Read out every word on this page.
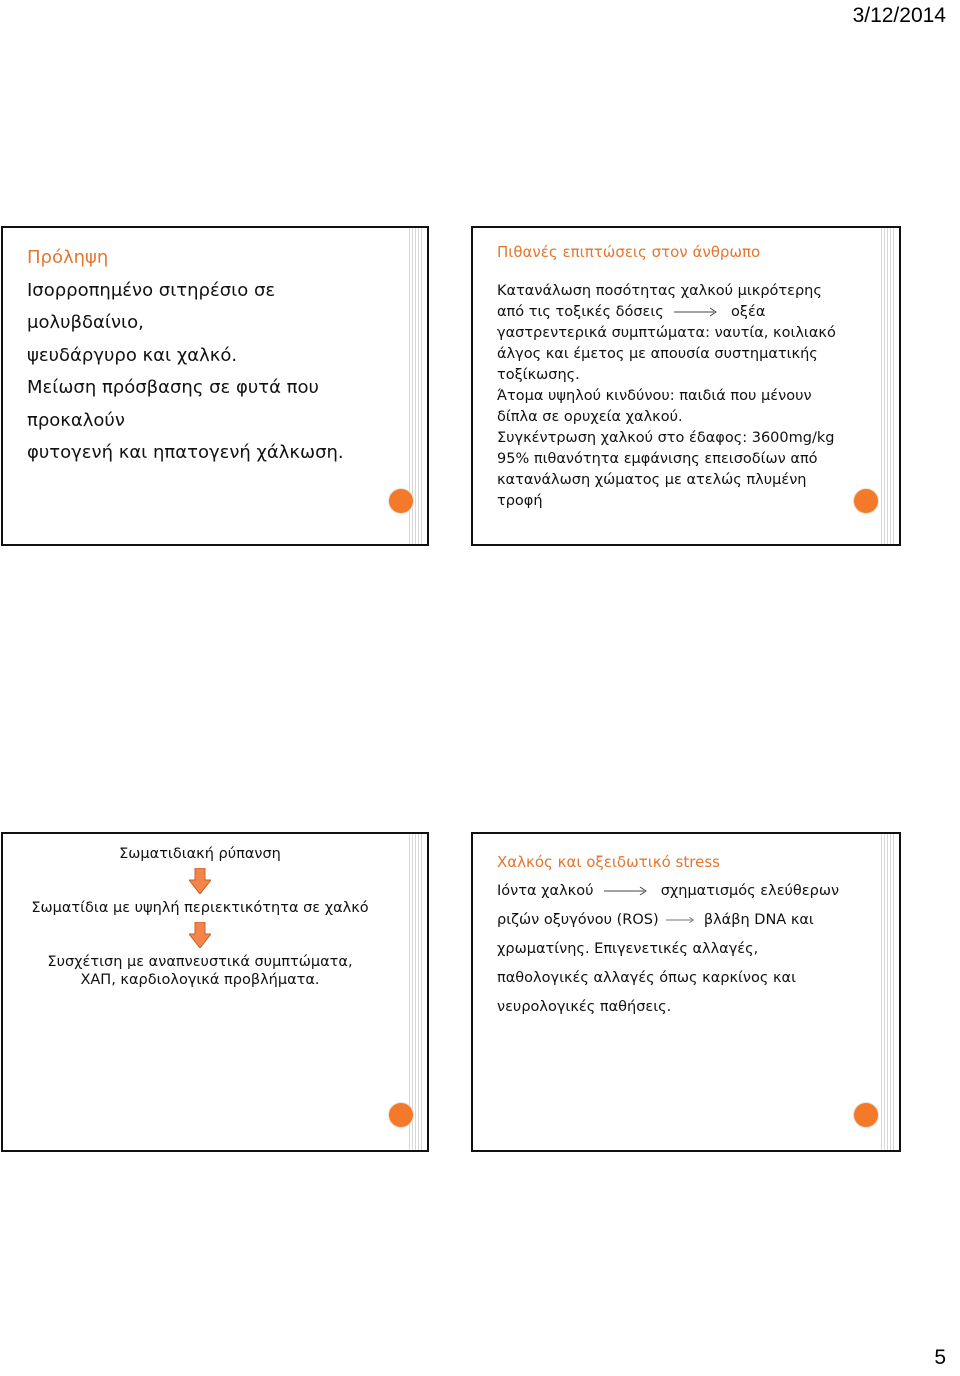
3/12/2014

Πρόληψη

Ισορροπημένο σιτηρέσιο σε μολυβδαίνιο,

ψευδάργυρο και χαλκό.

Μείωση πρόσβασης σε φυτά που

προκαλούν

φυτογενή και ηπατογενή χάλκωση.

Πιθανές επιπτώσεις στον άνθρωπο

Κατανάλωση ποσότητας χαλκού μικρότερης

από τις τοξικές δόσεις	οξέα

γαστρεντερικά συμπτώματα: ναυτία, κοιλιακό

άλγος και έμετος με απουσία συστηματικής

τοξίκωσης.

Άτομα υψηλού κινδύνου: παιδιά που μένουν

δίπλα σε ορυχεία χαλκού.

Συγκέντρωση χαλκού στο έδαφος: 3600mg/kg

95% πιθανότητα εμφάνισης επεισοδίων από

κατανάλωση χώματος με ατελώς πλυμένη

τροφή

Σωματιδιακή ρύπανση

Σωματίδια με υψηλή περιεκτικότητα σε χαλκό

Συσχέτιση με αναπνευστικά συμπτώματα,

ΧΑΠ, καρδιολογικά προβλήματα.

Χαλκός και οξειδωτικό stress

Ιόντα χαλκού	σχηματισμός ελεύθερων

ριζών οξυγόνου (ROS)	βλάβη DNA και

χρωματίνης. Επιγενετικές αλλαγές,

παθολογικές αλλαγές όπως καρκίνος και

νευρολογικές παθήσεις.

5
